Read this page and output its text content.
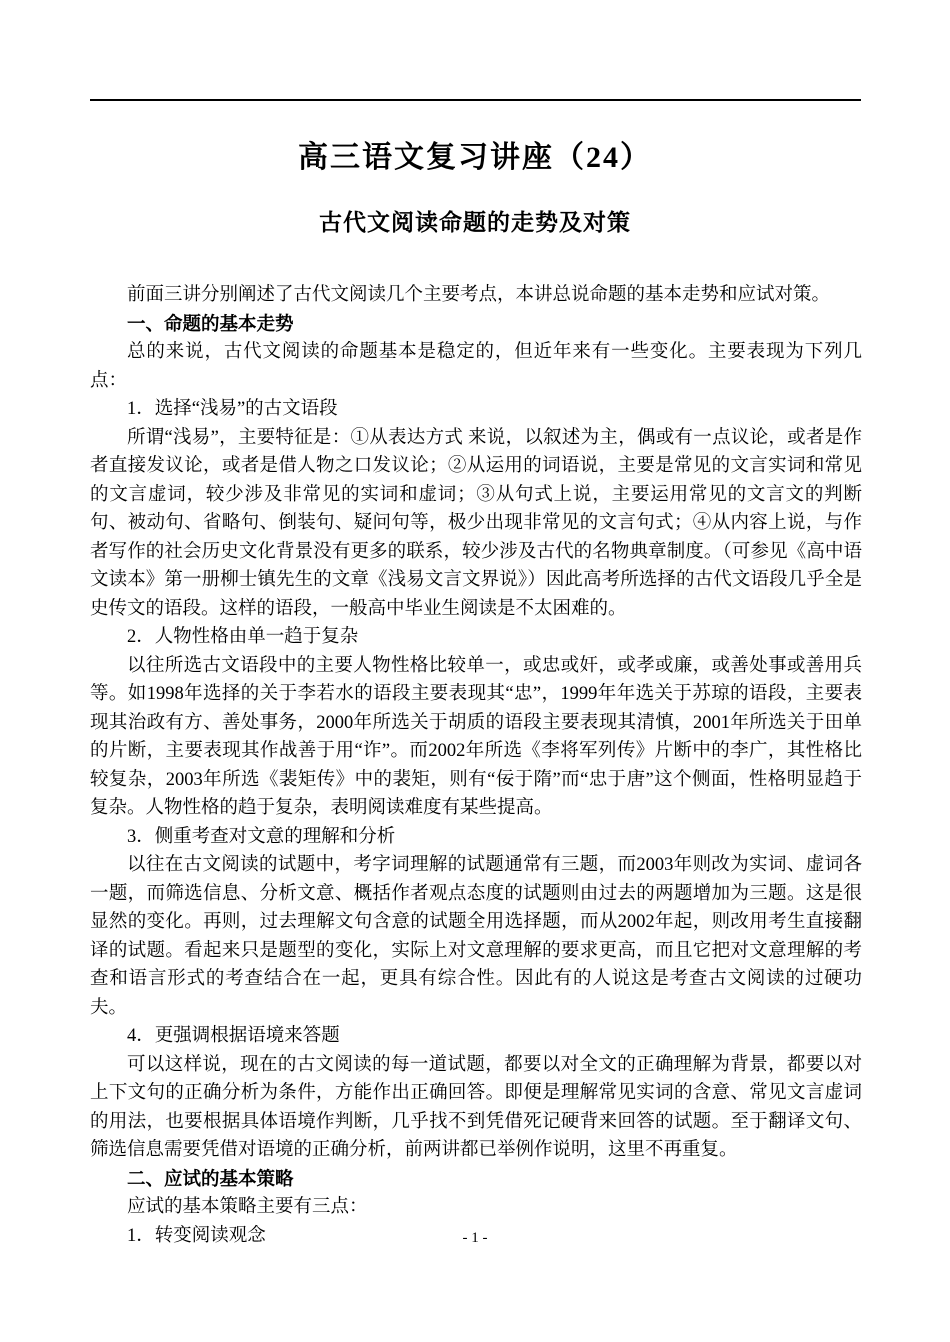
高三语文复习讲座（24）
古代文阅读命题的走势及对策

前面三讲分别阐述了古代文阅读几个主要考点，本讲总说命题的基本走势和应试对策。

一、命题的基本走势

总的来说，古代文阅读的命题基本是稳定的，但近年来有一些变化。主要表现为下列几点：

1．选择“浅易”的古文语段

所谓“浅易”，主要特征是：①从表达方式 来说，以叙述为主，偶或有一点议论，或者是作者直接发议论，或者是借人物之口发议论；②从运用的词语说，主要是常见的文言实词和常见的文言虚词，较少涉及非常见的实词和虚词；③从句式上说，主要运用常见的文言文的判断句、被动句、省略句、倒装句、疑问句等，极少出现非常见的文言句式；④从内容上说，与作者写作的社会历史文化背景没有更多的联系，较少涉及古代的名物典章制度。（可参见《高中语文读本》第一册柳士镇先生的文章《浅易文言文界说》）因此高考所选择的古代文语段几乎全是史传文的语段。这样的语段，一般高中毕业生阅读是不太困难的。

2．人物性格由单一趋于复杂

以往所选古文语段中的主要人物性格比较单一，或忠或奸，或孝或廉，或善处事或善用兵等。如1998年选择的关于李若水的语段主要表现其“忠”，1999年年选关于苏琼的语段，主要表现其治政有方、善处事务，2000年所选关于胡质的语段主要表现其清慎，2001年所选关于田单的片断，主要表现其作战善于用“诈”。而2002年所选《李将军列传》片断中的李广，其性格比较复杂，2003年所选《裴矩传》中的裴矩，则有“佞于隋”而“忠于唐”这个侧面，性格明显趋于复杂。人物性格的趋于复杂，表明阅读难度有某些提高。

3．侧重考查对文意的理解和分析

以往在古文阅读的试题中，考字词理解的试题通常有三题，而2003年则改为实词、虚词各一题，而筛选信息、分析文意、概括作者观点态度的试题则由过去的两题增加为三题。这是很显然的变化。再则，过去理解文句含意的试题全用选择题，而从2002年起，则改用考生直接翻译的试题。看起来只是题型的变化，实际上对文意理解的要求更高，而且它把对文意理解的考查和语言形式的考查结合在一起，更具有综合性。因此有的人说这是考查古文阅读的过硬功夫。

4．更强调根据语境来答题

可以这样说，现在的古文阅读的每一道试题，都要以对全文的正确理解为背景，都要以对上下文句的正确分析为条件，方能作出正确回答。即便是理解常见实词的含意、常见文言虚词的用法，也要根据具体语境作判断，几乎找不到凭借死记硬背来回答的试题。至于翻译文句、筛选信息需要凭借对语境的正确分析，前两讲都已举例作说明，这里不再重复。

二、应试的基本策略

应试的基本策略主要有三点：

1．转变阅读观念	- 1 -
